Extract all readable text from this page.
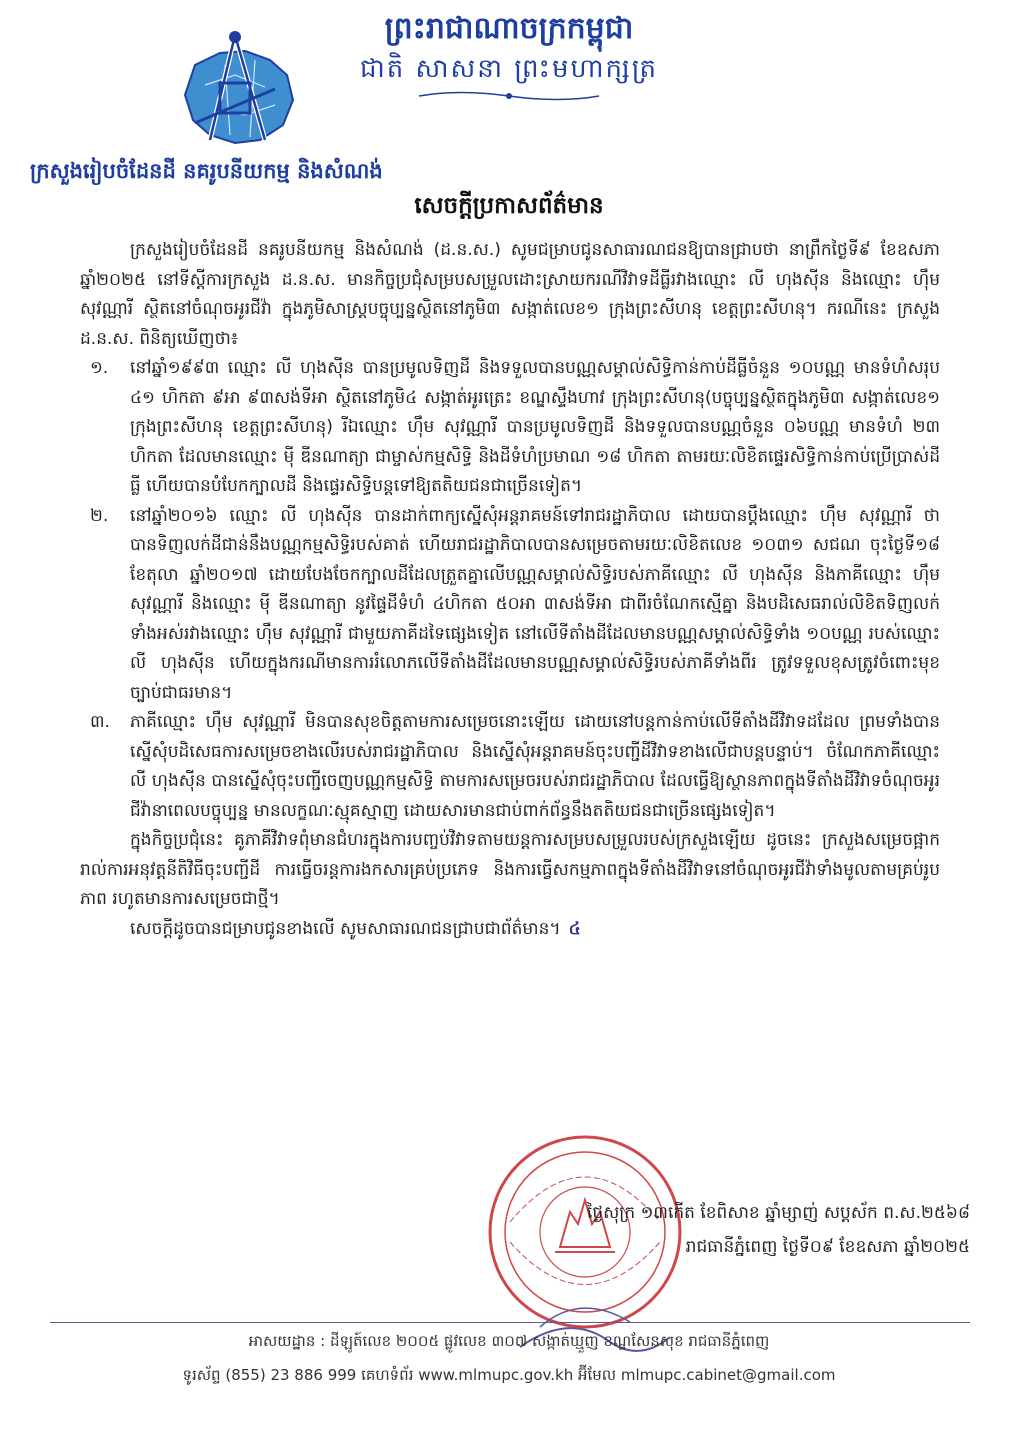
ព្រះរាជាណាចក្រកម្ពុជា
ជាតិ សាសនា ព្រះមហាក្សត្រ
ក្រសួងរៀបចំដែនដី នគរូបនីយកម្ម និងសំណង់
សេចក្តីប្រកាសព័ត៌មាន

ក្រសួងរៀបចំដែនដី នគរូបនីយកម្ម និងសំណង់ (ដ.ន.ស.) សូមជម្រាបជូនសាធារណជនឱ្យបានជ្រាបថា នាព្រឹកថ្ងៃទី៩ ខែឧសភា ឆ្នាំ២០២៥ នៅទីស្តីការក្រសួង ដ.ន.ស. មានកិច្ចប្រជុំសម្របសម្រួលដោះស្រាយករណីវិវាទដីធ្លីរវាងឈ្មោះ លី ហុងស៊ីន និងឈ្មោះ ហ៊ឹម សុវណ្ណារី ស្ថិតនៅចំណុចអូរជីវ៉ា ក្នុងភូមិសាស្ត្របច្ចុប្បន្នស្ថិតនៅភូមិ៣ សង្កាត់លេខ១ ក្រុងព្រះសីហនុ ខេត្តព្រះសីហនុ។ ករណីនេះ ក្រសួង ដ.ន.ស. ពិនិត្យឃើញថា៖

១.	នៅឆ្នាំ១៩៩៣ ឈ្មោះ លី ហុងស៊ីន បានប្រមូលទិញដី និងទទួលបានបណ្ណសម្គាល់សិទ្ធិកាន់កាប់ដីធ្លីចំនួន ១០បណ្ណ មានទំហំសរុប ៤១ ហិកតា ៩អា ៩៣សង់ទីអា ស្ថិតនៅភូមិ៤ សង្កាត់អូរត្រេះ ខណ្ឌស្ទឹងហាវ ក្រុងព្រះសីហនុ(បច្ចុប្បន្នស្ថិតក្នុងភូមិ៣ សង្កាត់លេខ១ ក្រុងព្រះសីហនុ ខេត្តព្រះសីហនុ) រីឯឈ្មោះ ហ៊ឹម សុវណ្ណារី បានប្រមូលទិញដី និងទទួលបានបណ្ណចំនួន ០៦បណ្ណ មានទំហំ ២៣ ហិកតា ដែលមានឈ្មោះ ម៉ី ឌីនណាត្យា ជាម្ចាស់កម្មសិទ្ធិ និងដីទំហំប្រមាណ ១៨ ហិកតា តាមរយៈលិខិតផ្ទេរសិទ្ធិកាន់កាប់ប្រើប្រាស់ដីធ្លី ហើយបានបំបែកក្បាលដី និងផ្ទេរសិទ្ធិបន្តទៅឱ្យតតិយជនជាច្រើនទៀត។
២.	នៅឆ្នាំ២០១៦ ឈ្មោះ លី ហុងស៊ីន បានដាក់ពាក្យស្នើសុំអន្តរាគមន៍ទៅរាជរដ្ឋាភិបាល ដោយបានប្តឹងឈ្មោះ ហ៊ឹម សុវណ្ណារី ថាបានទិញលក់ដីជាន់នឹងបណ្ណកម្មសិទ្ធិរបស់គាត់ ហើយរាជរដ្ឋាភិបាលបានសម្រេចតាមរយៈលិខិតលេខ ១០៣១ សជណ ចុះថ្ងៃទី១៨ ខែតុលា ឆ្នាំ២០១៧ ដោយបែងចែកក្បាលដីដែលត្រួតគ្នាលើបណ្ណសម្គាល់សិទ្ធិរបស់ភាគីឈ្មោះ លី ហុងស៊ីន និងភាគីឈ្មោះ ហ៊ឹម សុវណ្ណារី និងឈ្មោះ ម៉ី ឌីនណាត្យា នូវផ្ទៃដីទំហំ ៤ហិកតា ៥០អា ៣សង់ទីអា ជាពីរចំណែកស្មើគ្នា និងបដិសេធរាល់លិខិតទិញលក់ទាំងអស់រវាងឈ្មោះ ហ៊ឹម សុវណ្ណារី ជាមួយភាគីដទៃផ្សេងទៀត នៅលើទីតាំងដីដែលមានបណ្ណសម្គាល់សិទ្ធិទាំង ១០បណ្ណ របស់ឈ្មោះ លី ហុងស៊ីន ហើយក្នុងករណីមានការរំលោភលើទីតាំងដីដែលមានបណ្ណសម្គាល់សិទ្ធិរបស់ភាគីទាំងពីរ ត្រូវទទួលខុសត្រូវចំពោះមុខច្បាប់ជាធរមាន។
៣.	ភាគីឈ្មោះ ហ៊ឹម សុវណ្ណារី មិនបានសុខចិត្តតាមការសម្រេចនោះឡើយ ដោយនៅបន្តកាន់កាប់លើទីតាំងដីវិវាទដដែល ព្រមទាំងបានស្នើសុំបដិសេធការសម្រេចខាងលើរបស់រាជរដ្ឋាភិបាល និងស្នើសុំអន្តរាគមន៍ចុះបញ្ជីដីវិវាទខាងលើជាបន្តបន្ទាប់។ ចំណែកភាគីឈ្មោះ លី ហុងស៊ីន បានស្នើសុំចុះបញ្ជីចេញបណ្ណកម្មសិទ្ធិ តាមការសម្រេចរបស់រាជរដ្ឋាភិបាល ដែលធ្វើឱ្យស្ថានភាពក្នុងទីតាំងដីវិវាទចំណុចអូរជីវ៉ានាពេលបច្ចុប្បន្ន មានលក្ខណៈស្មុគស្មាញ ដោយសារមានជាប់ពាក់ព័ន្ធនឹងតតិយជនជាច្រើនផ្សេងទៀត។

ក្នុងកិច្ចប្រជុំនេះ គូភាគីវិវាទពុំមានជំហរក្នុងការបញ្ចប់វិវាទតាមយន្តការសម្របសម្រួលរបស់ក្រសួងឡើយ ដូចនេះ ក្រសួងសម្រេចផ្អាករាល់ការអនុវត្តនីតិវិធីចុះបញ្ជីដី ការធ្វើចរន្តការងកសារគ្រប់ប្រភេទ និងការធ្វើសកម្មភាពក្នុងទីតាំងដីវិវាទនៅចំណុចអូរជីវ៉ាទាំងមូលតាមគ្រប់រូបភាព រហូតមានការសម្រេចជាថ្មី។

សេចក្តីដូចបានជម្រាបជូនខាងលើ សូមសាធារណជនជ្រាបជាព័ត៌មាន។ ៤

ថ្ងៃសុក្រ ១៣កើត ខែពិសាខ ឆ្នាំម្សាញ់ សប្តស័ក ព.ស.២៥៦៨
រាជធានីភ្នំពេញ ថ្ងៃទី០៩ ខែឧសភា ឆ្នាំ២០២៥
អាសយដ្ឋាន : ដីឡូត៍លេខ ២០០៥ ផ្លូវលេខ ៣០៧ សង្កាត់ឃ្មួញ ខណ្ឌសែនសុខ រាជធានីភ្នំពេញ
ទូរស័ព្ទ (855) 23 886 999 គេហទំព័រ www.mlmupc.gov.kh អ៊ីមែល mlmupc.cabinet@gmail.com
